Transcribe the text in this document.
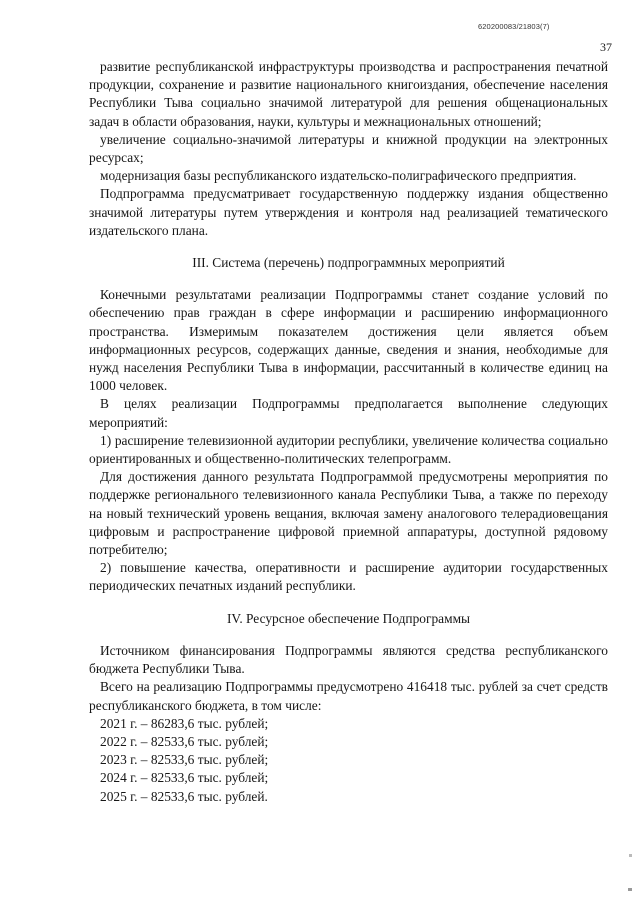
620200083/21803(7)
37

развитие республиканской инфраструктуры производства и распространения печатной продукции, сохранение и развитие национального книгоиздания, обеспечение населения Республики Тыва социально значимой литературой для решения общенациональных задач в области образования, науки, культуры и межнациональных отношений;

увеличение социально-значимой литературы и книжной продукции на электронных ресурсах;

модернизация базы республиканского издательско-полиграфического предприятия.

Подпрограмма предусматривает государственную поддержку издания общественно значимой литературы путем утверждения и контроля над реализацией тематического издательского плана.

III. Система (перечень) подпрограммных мероприятий

Конечными результатами реализации Подпрограммы станет создание условий по обеспечению прав граждан в сфере информации и расширению информационного пространства. Измеримым показателем достижения цели является объем информационных ресурсов, содержащих данные, сведения и знания, необходимые для нужд населения Республики Тыва в информации, рассчитанный в количестве единиц на 1000 человек.

В целях реализации Подпрограммы предполагается выполнение следующих мероприятий:

1) расширение телевизионной аудитории республики, увеличение количества социально ориентированных и общественно-политических телепрограмм.

Для достижения данного результата Подпрограммой предусмотрены мероприятия по поддержке регионального телевизионного канала Республики Тыва, а также по переходу на новый технический уровень вещания, включая замену аналогового телерадиовещания цифровым и распространение цифровой приемной аппаратуры, доступной рядовому потребителю;

2) повышение качества, оперативности и расширение аудитории государственных периодических печатных изданий республики.

IV. Ресурсное обеспечение Подпрограммы

Источником финансирования Подпрограммы являются средства республиканского бюджета Республики Тыва.

Всего на реализацию Подпрограммы предусмотрено 416418 тыс. рублей за счет средств республиканского бюджета, в том числе:

2021 г. – 86283,6 тыс. рублей;

2022 г. – 82533,6 тыс. рублей;

2023 г. – 82533,6 тыс. рублей;

2024 г. – 82533,6 тыс. рублей;

2025 г. – 82533,6 тыс. рублей.
